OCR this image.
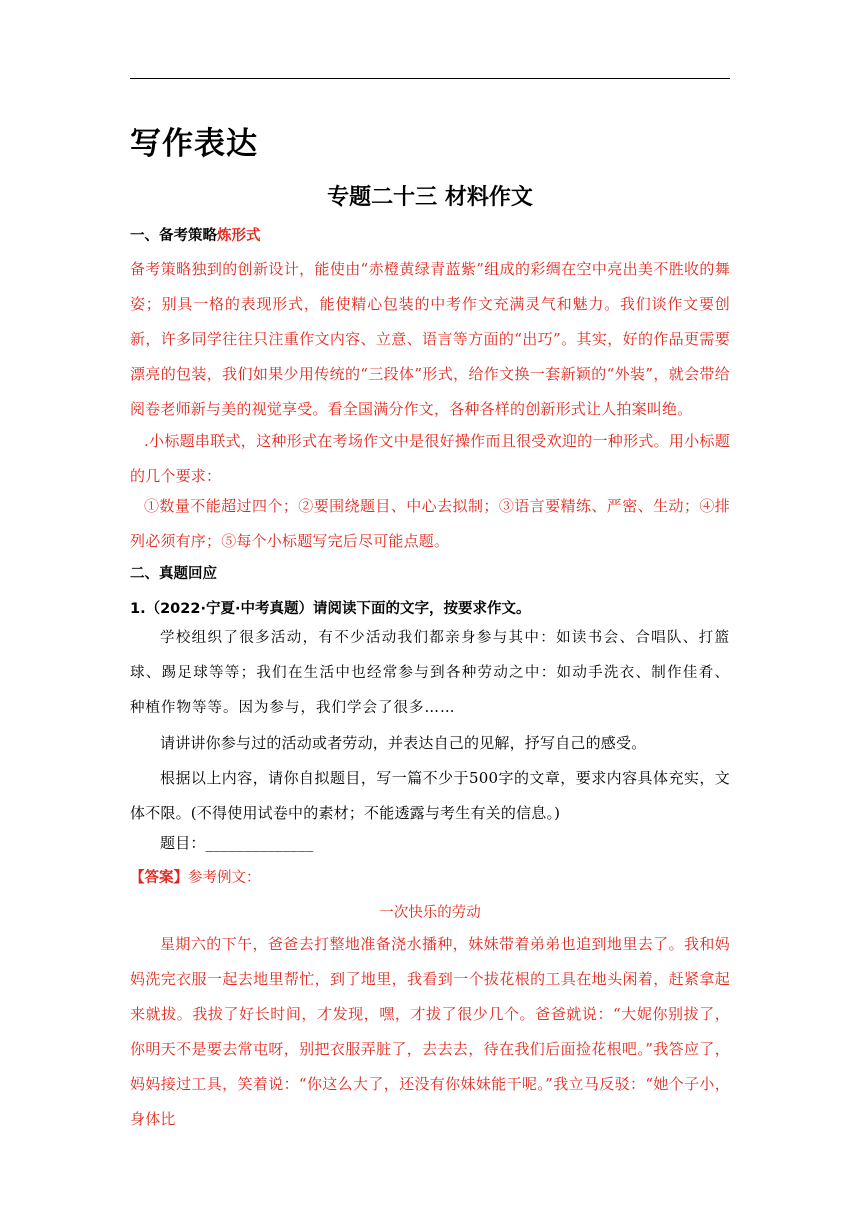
写作表达
专题二十三 材料作文
一、备考策略炼形式
备考策略独到的创新设计，能使由“赤橙黄绿青蓝紫”组成的彩绸在空中亮出美不胜收的舞姿；别具一格的表现形式，能使精心包装的中考作文充满灵气和魅力。我们谈作文要创新，许多同学往往只注重作文内容、立意、语言等方面的“出巧”。其实，好的作品更需要漂亮的包装，我们如果少用传统的“三段体”形式，给作文换一套新颖的“外装”，就会带给阅卷老师新与美的视觉享受。看全国满分作文，各种各样的创新形式让人拍案叫绝。
.小标题串联式，这种形式在考场作文中是很好操作而且很受欢迎的一种形式。用小标题的几个要求：
①数量不能超过四个；②要围绕题目、中心去拟制；③语言要精练、严密、生动；④排列必须有序；⑤每个小标题写完后尽可能点题。
二、真题回应
1.（2022·宁夏·中考真题）请阅读下面的文字，按要求作文。
学校组织了很多活动，有不少活动我们都亲身参与其中：如读书会、合唱队、打篮球、踢足球等等；我们在生活中也经常参与到各种劳动之中：如动手洗衣、制作佳肴、种植作物等等。因为参与，我们学会了很多……
请讲讲你参与过的活动或者劳动，并表达自己的见解，抒写自己的感受。
根据以上内容，请你自拟题目，写一篇不少于500字的文章，要求内容具体充实，文体不限。(不得使用试卷中的素材；不能透露与考生有关的信息。)
题目：______________
【答案】参考例文：
一次快乐的劳动
星期六的下午，爸爸去打整地准备浇水播种，妹妹带着弟弟也追到地里去了。我和妈妈洗完衣服一起去地里帮忙，到了地里，我看到一个拔花根的工具在地头闲着，赶紧拿起来就拔。我拔了好长时间，才发现，嘿，才拔了很少几个。爸爸就说：“大妮你别拔了，你明天不是要去常屯呀，别把衣服弄脏了，去去去，待在我们后面捡花根吧。”我答应了，妈妈接过工具，笑着说：“你这么大了，还没有你妹妹能干呢。”我立马反驳：“她个子小，身体比
